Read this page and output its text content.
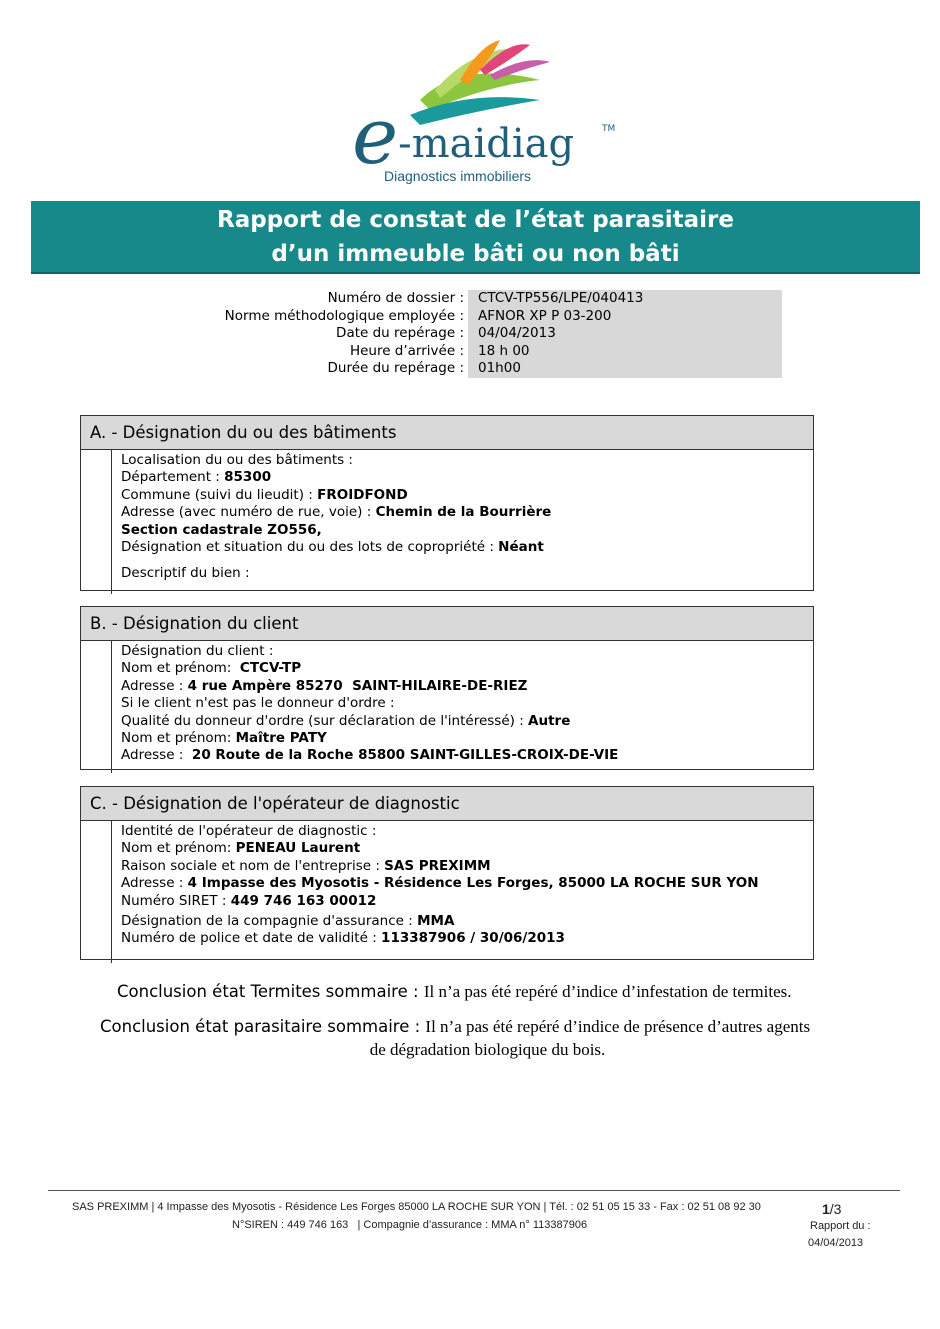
e-maidiag	TM
Diagnostics immobiliers
Rapport de constat de l’état parasitaire
d’un immeuble bâti ou non bâti
Numéro de dossier :	CTCV-TP556/LPE/040413
Norme méthodologique employée :	AFNOR XP P 03-200
Date du repérage :	04/04/2013
Heure d’arrivée :	18 h 00
Durée du repérage :	01h00
A. - Désignation du ou des bâtiments
Localisation du ou des bâtiments :
Département : 85300
Commune (suivi du lieudit) : FROIDFOND
Adresse (avec numéro de rue, voie) : Chemin de la Bourrière
Section cadastrale ZO556,
Désignation et situation du ou des lots de copropriété : Néant
Descriptif du bien :
B. - Désignation du client
Désignation du client :
Nom et prénom:  CTCV-TP
Adresse : 4 rue Ampère 85270  SAINT-HILAIRE-DE-RIEZ
Si le client n'est pas le donneur d'ordre :
Qualité du donneur d'ordre (sur déclaration de l'intéressé) : Autre
Nom et prénom: Maître PATY
Adresse :  20 Route de la Roche 85800 SAINT-GILLES-CROIX-DE-VIE
C. - Désignation de l'opérateur de diagnostic
Identité de l'opérateur de diagnostic :
Nom et prénom: PENEAU Laurent
Raison sociale et nom de l'entreprise : SAS PREXIMM
Adresse : 4 Impasse des Myosotis - Résidence Les Forges, 85000 LA ROCHE SUR YON
Numéro SIRET : 449 746 163 00012
Désignation de la compagnie d'assurance : MMA
Numéro de police et date de validité : 113387906 / 30/06/2013
Conclusion état Termites sommaire : Il n’a pas été repéré d’indice d’infestation de termites.
Conclusion état parasitaire sommaire : Il n’a pas été repéré d’indice de présence d’autres agents
de dégradation biologique du bois.
SAS PREXIMM | 4 Impasse des Myosotis - Résidence Les Forges 85000 LA ROCHE SUR YON | Tél. : 02 51 05 15 33 - Fax : 02 51 08 92 30
N°SIREN : 449 746 163   | Compagnie d’assurance : MMA n° 113387906
1/3
Rapport du :
04/04/2013
